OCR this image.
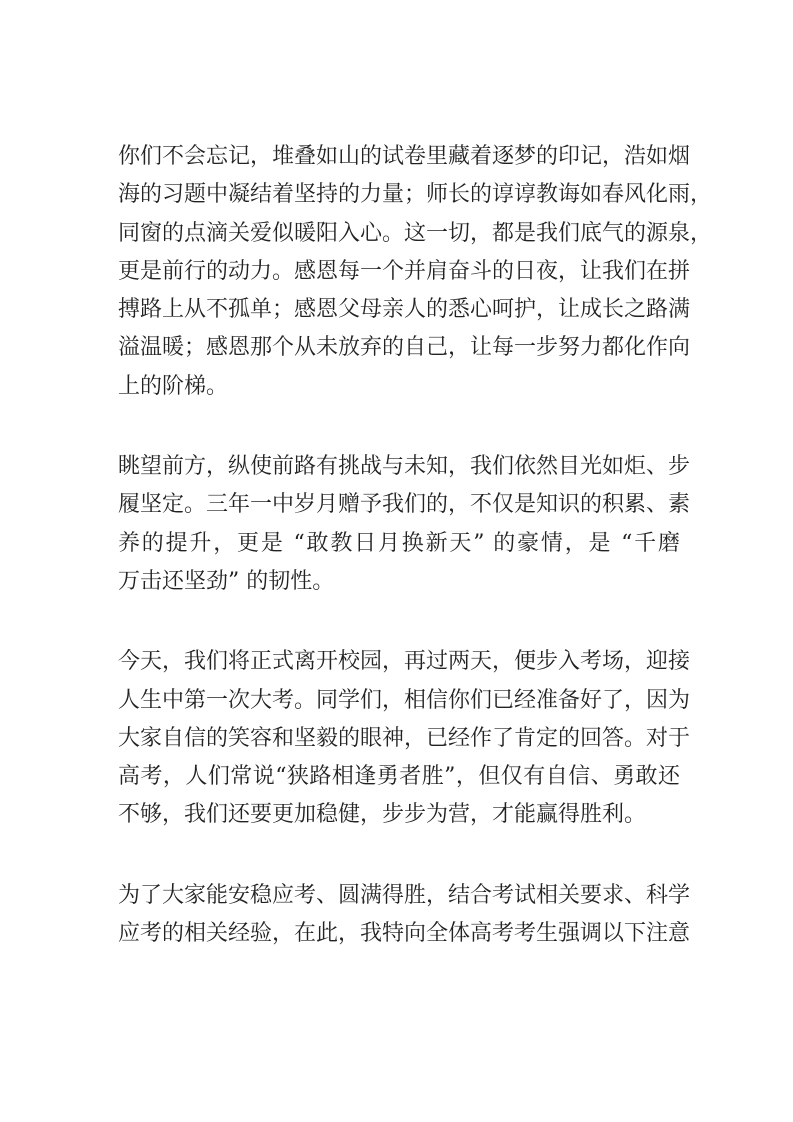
你们不会忘记，堆叠如山的试卷里藏着逐梦的印记，浩如烟
海的习题中凝结着坚持的力量；师长的谆谆教诲如春风化雨，
同窗的点滴关爱似暖阳入心。这一切，都是我们底气的源泉，
更是前行的动力。感恩每一个并肩奋斗的日夜，让我们在拼
搏路上从不孤单；感恩父母亲人的悉心呵护，让成长之路满
溢温暖；感恩那个从未放弃的自己，让每一步努力都化作向
上的阶梯。
眺望前方，纵使前路有挑战与未知，我们依然目光如炬、步
履坚定。三年一中岁月赠予我们的，不仅是知识的积累、素
养的提升，更是 “敢教日月换新天” 的豪情，是 “千磨
万击还坚劲” 的韧性。
今天，我们将正式离开校园，再过两天，便步入考场，迎接
人生中第一次大考。同学们，相信你们已经准备好了，因为
大家自信的笑容和坚毅的眼神，已经作了肯定的回答。对于
高考，人们常说“狭路相逢勇者胜”，但仅有自信、勇敢还
不够，我们还要更加稳健，步步为营，才能赢得胜利。
为了大家能安稳应考、圆满得胜，结合考试相关要求、科学
应考的相关经验，在此，我特向全体高考考生强调以下注意
